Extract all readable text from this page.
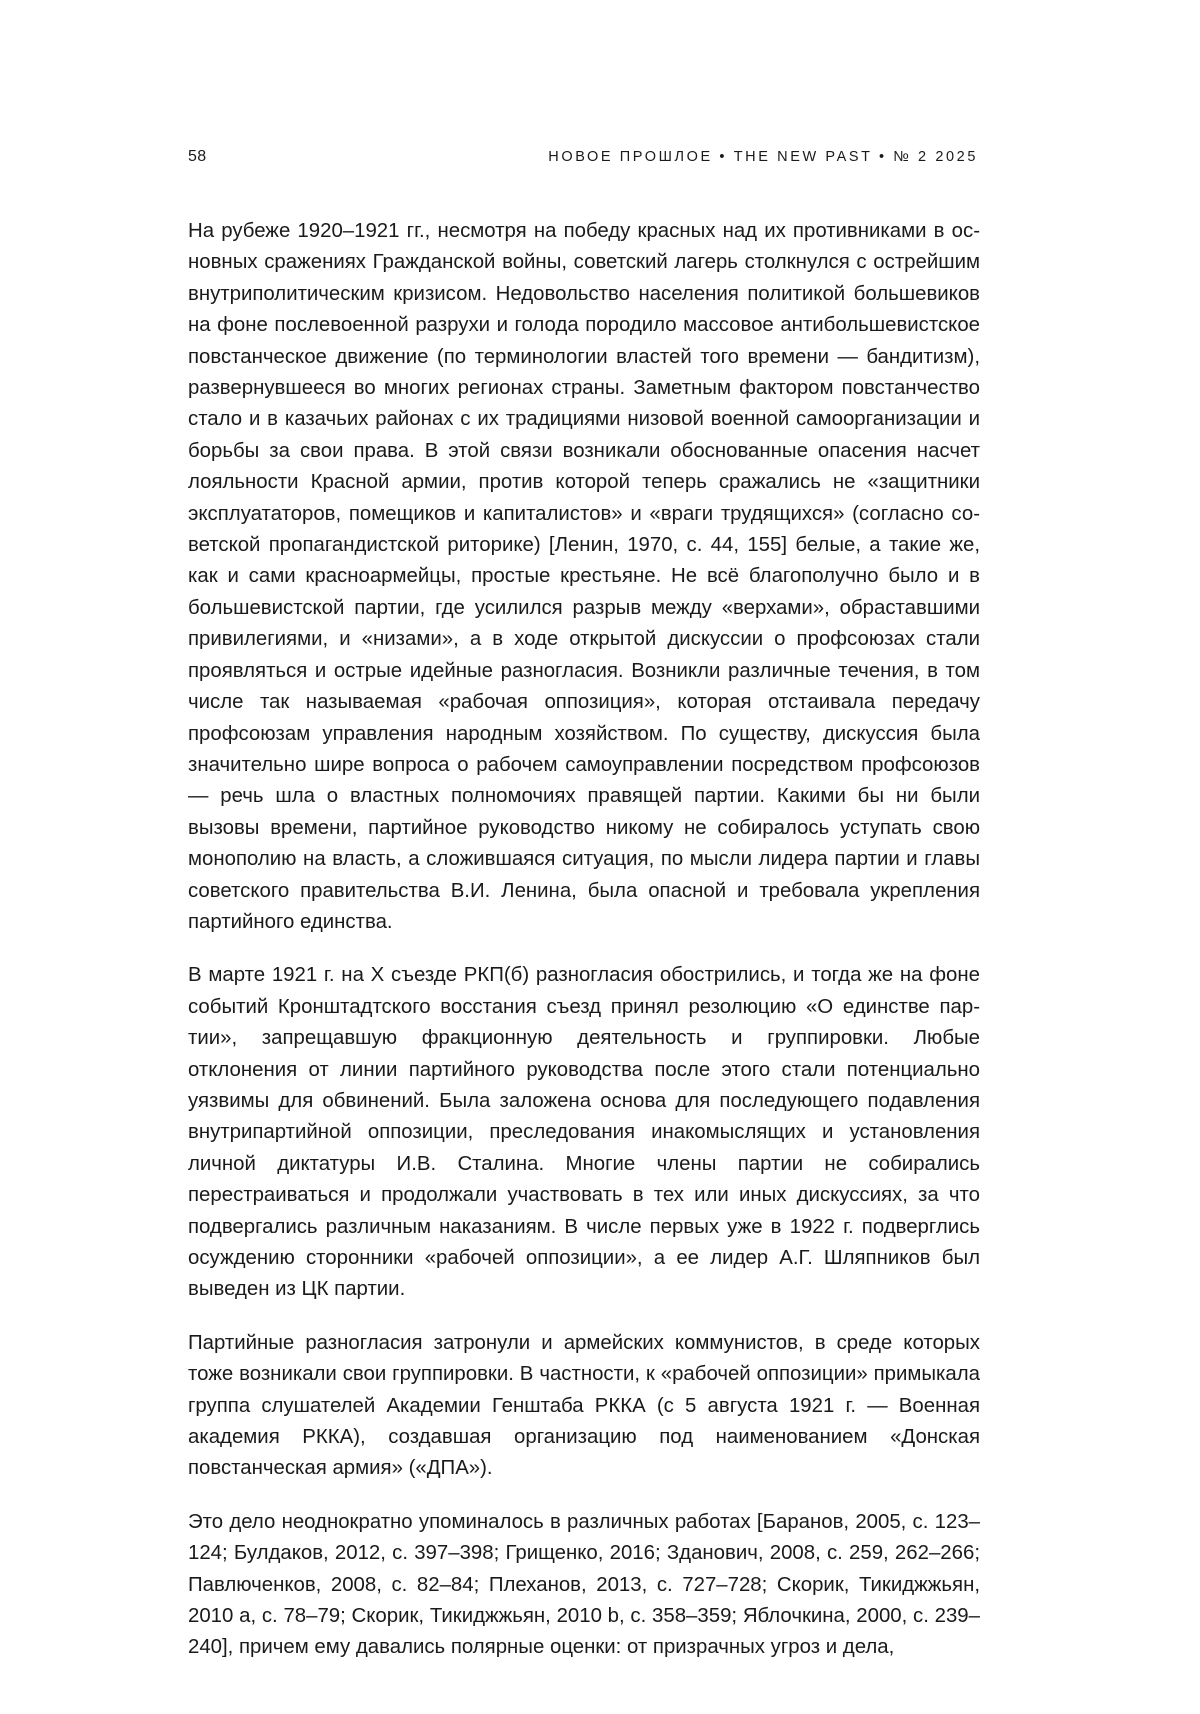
58	НОВОЕ ПРОШЛОЕ • THE NEW PAST • № 2 2025

На рубеже 1920–1921 гг., несмотря на победу красных над их противниками в основных сражениях Гражданской войны, советский лагерь столкнулся с острейшим внутриполитическим кризисом. Недовольство населения политикой большевиков на фоне послевоенной разрухи и голода породило массовое антибольшевистское повстанческое движение (по терминологии властей того времени — бандитизм), развернувшееся во многих регионах страны. Заметным фактором повстанчество стало и в казачьих районах с их традициями низовой военной самоорганизации и борьбы за свои права. В этой связи возникали обоснованные опасения насчет лояльности Красной армии, против которой теперь сражались не «защитники эксплуататоров, помещиков и капиталистов» и «враги трудящихся» (согласно советской пропагандистской риторике) [Ленин, 1970, с. 44, 155] белые, а такие же, как и сами красноармейцы, простые крестьяне. Не всё благополучно было и в большевистской партии, где усилился разрыв между «верхами», обраставшими привилегиями, и «низами», а в ходе открытой дискуссии о профсоюзах стали проявляться и острые идейные разногласия. Возникли различные течения, в том числе так называемая «рабочая оппозиция», которая отстаивала передачу профсоюзам управления народным хозяйством. По существу, дискуссия была значительно шире вопроса о рабочем самоуправлении посредством профсоюзов — речь шла о властных полномочиях правящей партии. Какими бы ни были вызовы времени, партийное руководство никому не собиралось уступать свою монополию на власть, а сложившаяся ситуация, по мысли лидера партии и главы советского правительства В.И. Ленина, была опасной и требовала укрепления партийного единства.

В марте 1921 г. на X съезде РКП(б) разногласия обострились, и тогда же на фоне событий Кронштадтского восстания съезд принял резолюцию «О единстве партии», запрещавшую фракционную деятельность и группировки. Любые отклонения от линии партийного руководства после этого стали потенциально уязвимы для обвинений. Была заложена основа для последующего подавления внутрипартийной оппозиции, преследования инакомыслящих и установления личной диктатуры И.В. Сталина. Многие члены партии не собирались перестраиваться и продолжали участвовать в тех или иных дискуссиях, за что подвергались различным наказаниям. В числе первых уже в 1922 г. подверглись осуждению сторонники «рабочей оппозиции», а ее лидер А.Г. Шляпников был выведен из ЦК партии.

Партийные разногласия затронули и армейских коммунистов, в среде которых тоже возникали свои группировки. В частности, к «рабочей оппозиции» примыкала группа слушателей Академии Генштаба РККА (с 5 августа 1921 г. — Военная академия РККА), создавшая организацию под наименованием «Донская повстанческая армия» («ДПА»).

Это дело неоднократно упоминалось в различных работах [Баранов, 2005, с. 123–124; Булдаков, 2012, с. 397–398; Грищенко, 2016; Зданович, 2008, с. 259, 262–266; Павлюченков, 2008, с. 82–84; Плеханов, 2013, с. 727–728; Скорик, Тикиджжьян, 2010 a, с. 78–79; Скорик, Тикиджжьян, 2010 b, с. 358–359; Яблочкина, 2000, с. 239–240], причем ему давались полярные оценки: от призрачных угроз и дела,
